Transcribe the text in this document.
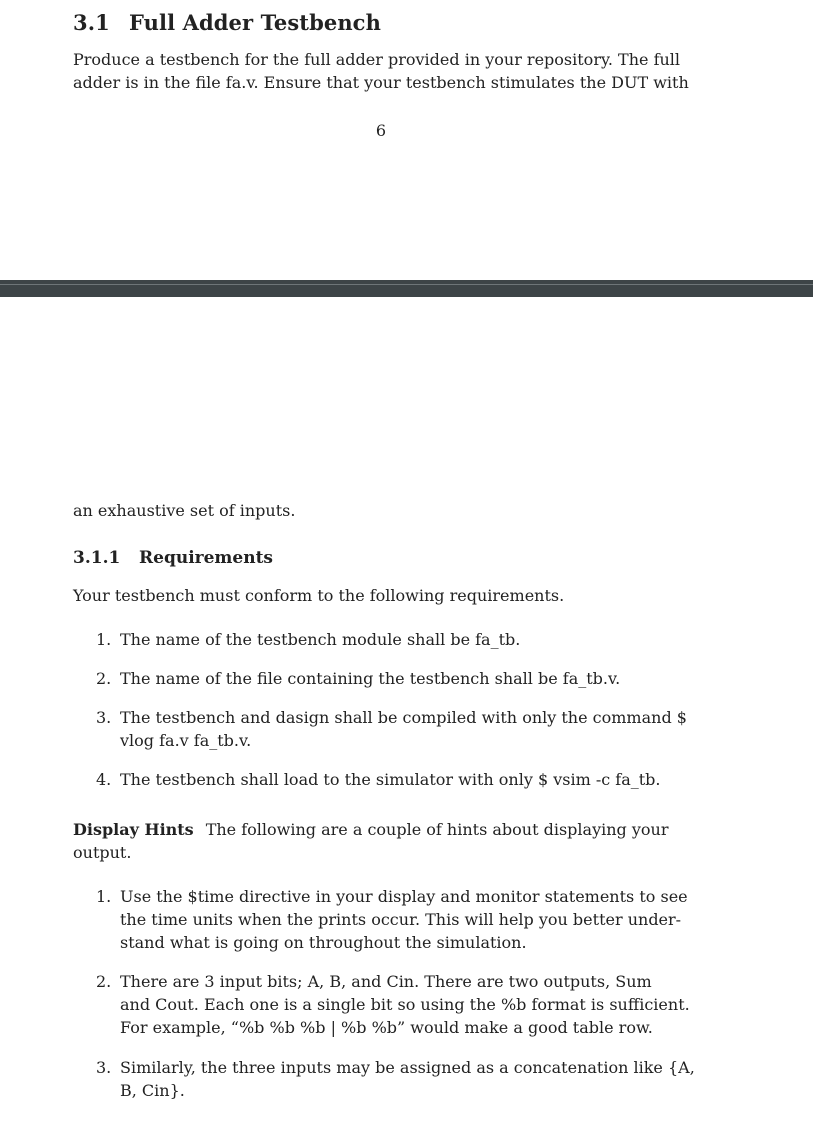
3.1 Full Adder Testbench
Produce a testbench for the full adder provided in your repository. The full
adder is in the file fa.v. Ensure that your testbench stimulates the DUT with
6
an exhaustive set of inputs.
3.1.1 Requirements
Your testbench must conform to the following requirements.
1. The name of the testbench module shall be fa_tb.
2. The name of the file containing the testbench shall be fa_tb.v.
3. The testbench and dasign shall be compiled with only the command $
vlog fa.v fa_tb.v.
4. The testbench shall load to the simulator with only $ vsim -c fa_tb.
Display Hints The following are a couple of hints about displaying your
output.
1. Use the $time directive in your display and monitor statements to see
the time units when the prints occur. This will help you better under-
stand what is going on throughout the simulation.
2. There are 3 input bits; A, B, and Cin. There are two outputs, Sum
and Cout. Each one is a single bit so using the %b format is sufficient.
For example, “%b %b %b | %b %b” would make a good table row.
3. Similarly, the three inputs may be assigned as a concatenation like {A,
B, Cin}.
